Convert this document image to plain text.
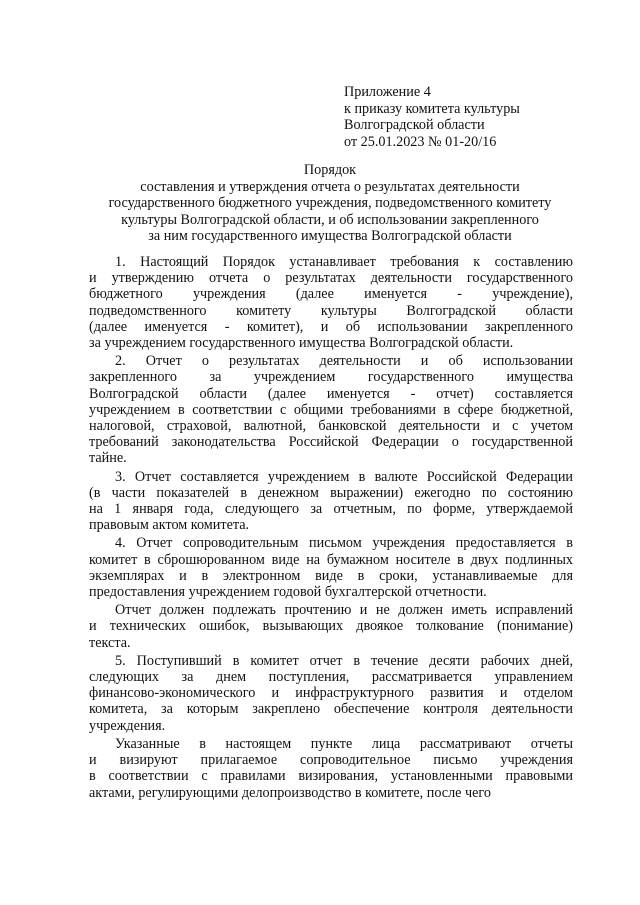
Приложение 4
к приказу комитета культуры
Волгоградской области
от 25.01.2023 № 01-20/16
Порядок
составления и утверждения отчета о результатах деятельности
государственного бюджетного учреждения, подведомственного комитету
культуры Волгоградской области, и об использовании закрепленного
за ним государственного имущества Волгоградской области

1. Настоящий Порядок устанавливает требования к составлению
и утверждению отчета о результатах деятельности государственного
бюджетного учреждения (далее именуется - учреждение),
подведомственного комитету культуры Волгоградской области
(далее именуется - комитет), и об использовании закрепленного
за учреждением государственного имущества Волгоградской области.

2. Отчет о результатах деятельности и об использовании
закрепленного за учреждением государственного имущества
Волгоградской области (далее именуется - отчет) составляется
учреждением в соответствии с общими требованиями в сфере бюджетной,
налоговой, страховой, валютной, банковской деятельности и с учетом
требований законодательства Российской Федерации о государственной
тайне.

3. Отчет составляется учреждением в валюте Российской Федерации
(в части показателей в денежном выражении) ежегодно по состоянию
на 1 января года, следующего за отчетным, по форме, утверждаемой
правовым актом комитета.

4. Отчет сопроводительным письмом учреждения предоставляется в
комитет в сброшюрованном виде на бумажном носителе в двух подлинных
экземплярах и в электронном виде в сроки, устанавливаемые для
предоставления учреждением годовой бухгалтерской отчетности.

Отчет должен подлежать прочтению и не должен иметь исправлений
и технических ошибок, вызывающих двоякое толкование (понимание)
текста.

5. Поступивший в комитет отчет в течение десяти рабочих дней,
следующих за днем поступления, рассматривается управлением
финансово-экономического и инфраструктурного развития и отделом
комитета, за которым закреплено обеспечение контроля деятельности
учреждения.

Указанные в настоящем пункте лица рассматривают отчеты
и визируют прилагаемое сопроводительное письмо учреждения
в соответствии с правилами визирования, установленными правовыми
актами, регулирующими делопроизводство в комитете, после чего
